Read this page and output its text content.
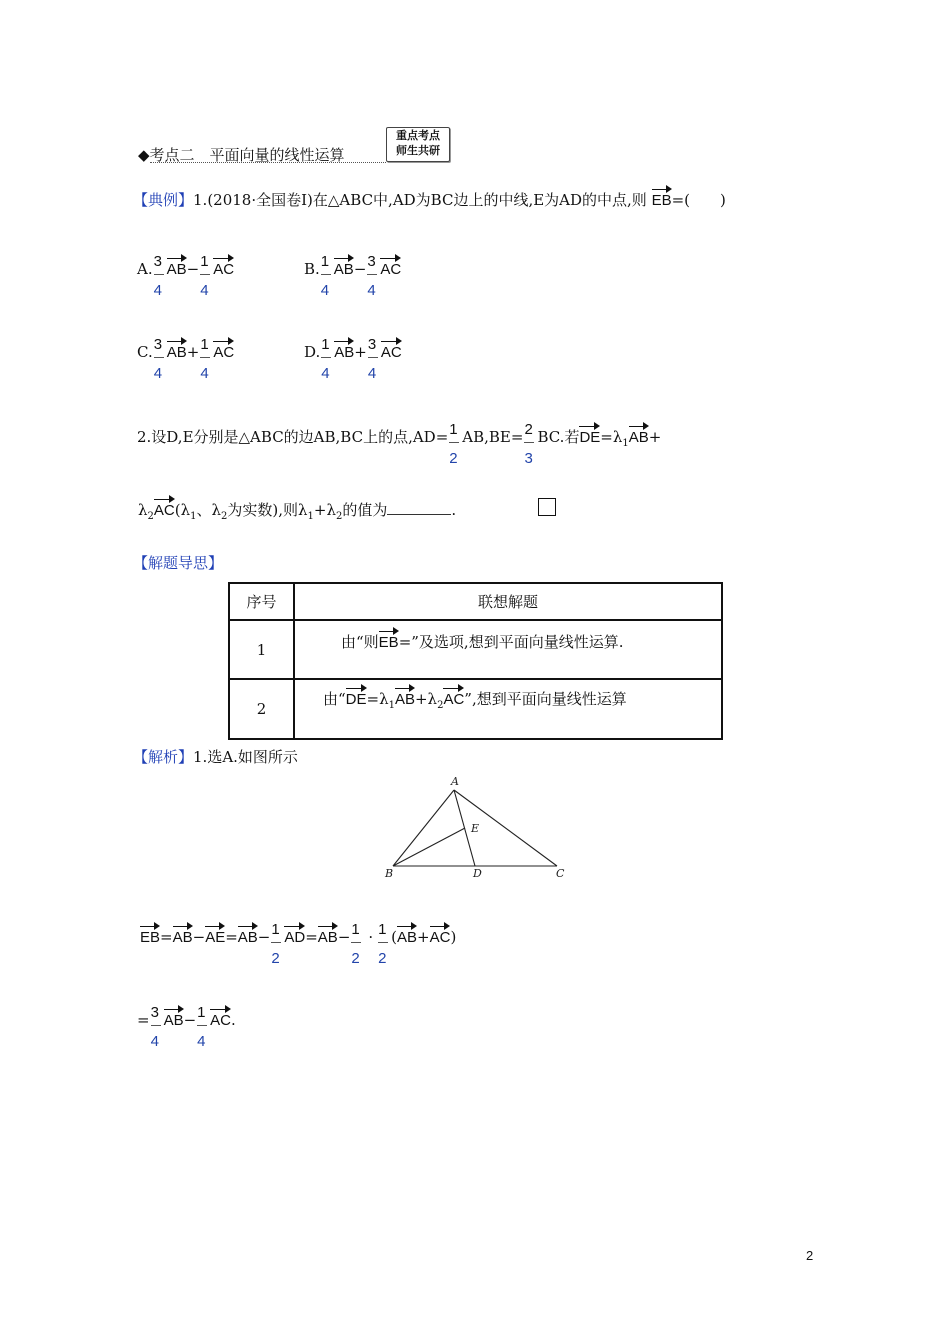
◆考点二　平面向量的线性运算
重点考点
师生共研
【典例】1.(2018·全国卷Ⅰ)在△ABC中,AD为BC边上的中线,E为AD的中点,则 EB=(　　)
A. $\frac{3}{4} AB- \frac{1}{4}$ AC	B. $\frac{1}{4} AB- \frac{3}{4}$ AC
C. $\frac{3}{4} AB+ \frac{1}{4}$ AC	D. $\frac{1}{4} AB+ \frac{3}{4}$ AC
2.设D,E分别是△ABC的边AB,BC上的点$,AD= \frac{1}{2} AB,BE= \frac{2}{3}$ BC.若$DE=\lambda_1AB+$
$\lambda_2AC(\lambda_1$、$\lambda_2$为实数),则$\lambda_1+\lambda_2$的值为	.
【解题导思】
序号	联想解题
1	由“则EB=”及选项,想到平面向量线性运算.
2	由“$DE=\lambda_1AB+\lambda_2AC$”,想到平面向量线性运算
【解析】1.选A.如图所示
A
B	C
D
E
$EB=AB-AE=AB- \frac{1}{2} AD=AB- \frac{1}{2} \cdot \frac{1}{2} (AB+AC)$
= $\frac{3}{4} AB- \frac{1}{4}$ AC.
2
